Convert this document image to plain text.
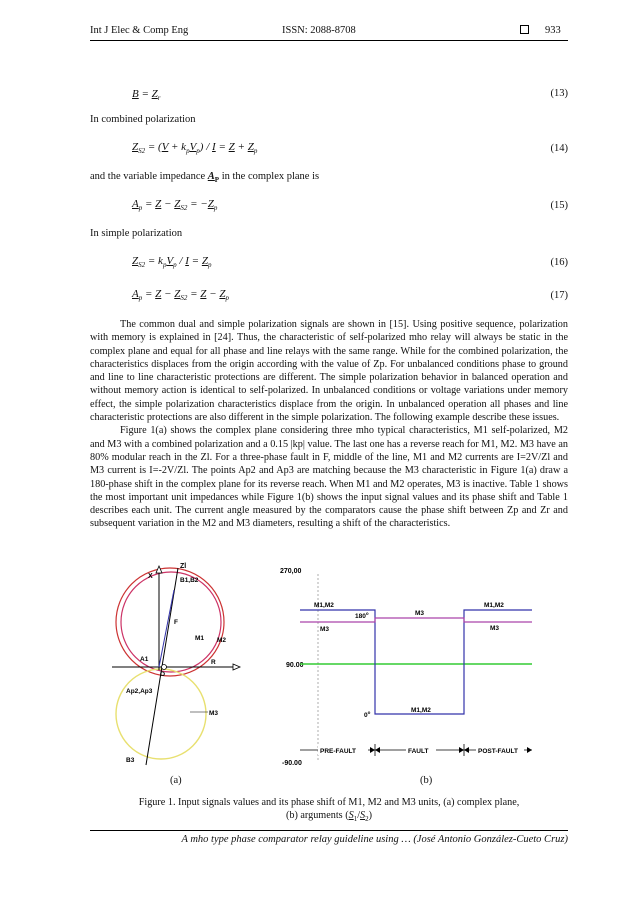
Int J Elec & Comp Eng	ISSN: 2088-8708	933
$B = Z_r$	(13)
In combined polarization
$Z_{S2} = (V + k_pV_p) / I = Z + Z_p$	(14)
and the variable impedance $A_P$ in the complex plane is
$A_p = Z - Z_{S2} = -Z_p$	(15)
In simple polarization
$Z_{S2} = k_pV_p / I = Z_p$	(16)
$A_p = Z - Z_{S2} = Z - Z_p$	(17)

The common dual and simple polarization signals are shown in [15]. Using positive sequence, polarization with memory is explained in [24]. Thus, the characteristic of self-polarized mho relay will always be static in the complex plane and equal for all phase and line relays with the same range. While for the combined polarization, the characteristics displaces from the origin according with the value of Zp. For unbalanced conditions phase to ground and line to line characteristic protections are different. The simple polarization behavior in balanced operation and without memory action is identical to self-polarized. In unbalanced conditions or voltage variations under memory effect, the simple polarization characteristics displace from the origin. In unbalanced operation all phases and line characteristic protections are also different in the simple polarization. The following example describe these issues.

Figure 1(a) shows the complex plane considering three mho typical characteristics, M1 self-polarized, M2 and M3 with a combined polarization and a 0.15 |kp| value. The last one has a reverse reach for M1, M2. M3 have an 80% modular reach in the Zl. For a three-phase fault in F, middle of the line, M1 and M2 currents are I=2V/Zl and M3 current is I=-2V/Zl. The points Ap2 and Ap3 are matching because the M3 characteristic in Figure 1(a) draw a 180-phase shift in the complex plane for its reverse reach. When M1 and M2 operates, M3 is inactive. Table 1 shows the most important unit impedances while Figure 1(b) shows the input signal values and its phase shift and Table 1 describes each unit. The current angle measured by the comparators cause the phase shift between Zp and Zr and subsequent variation in the M2 and M3 diameters, resulting a shift of the characteristics.

X
Zl
B1,B2
F
M1 M2
A1
O
R
Ap2,Ap3
M3
B3
270,00
90.00
-90.00
M1,M2
M3
180$^o$	M3
M1,M2
M3
0$^o$	M1,M2
PRE-FAULT	FAULT	POST-FAULT
(a)	(b)
Figure 1. Input signals values and its phase shift of M1, M2 and M3 units, (a) complex plane,
(b) arguments $(S_1/S_2)$
A mho type phase comparator relay guideline using … (José Antonio González-Cueto Cruz)
